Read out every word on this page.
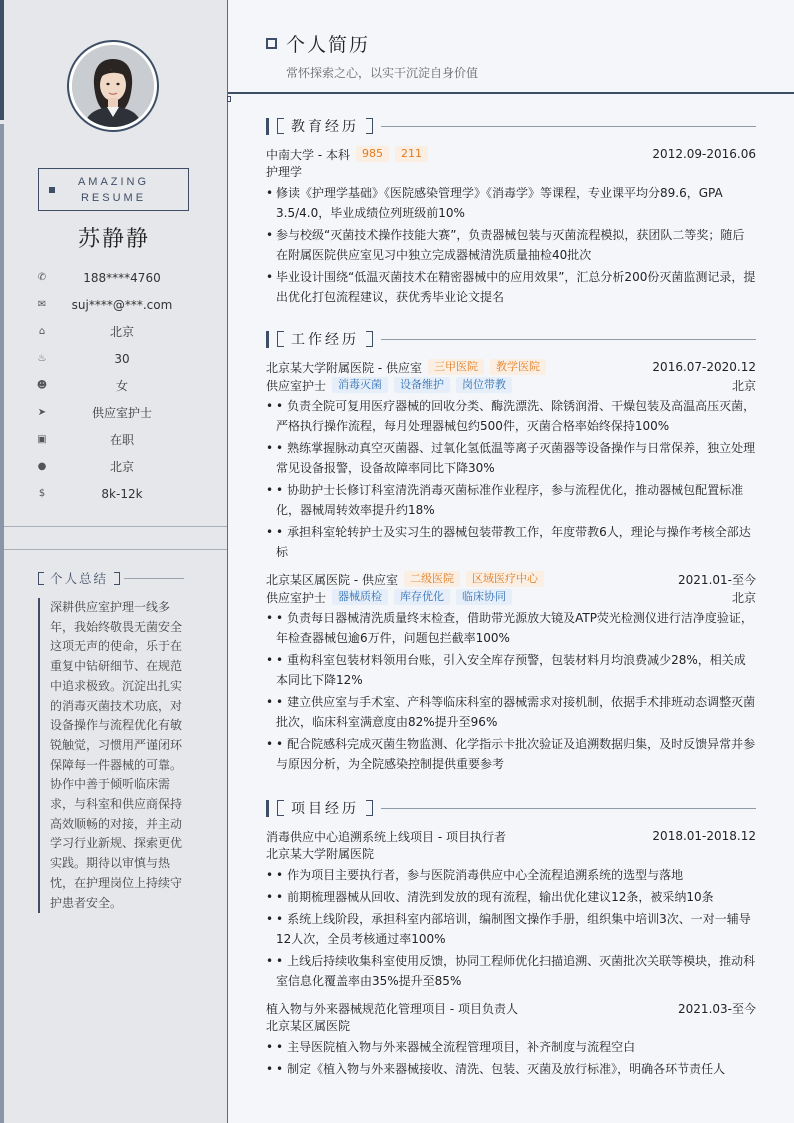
AMAZING
RESUME
苏静静
✆	188****4760
✉	suj****@***.com
⌂	北京
♨	30
☻	女
➤	供应室护士
▣	在职
●	北京
$	8k-12k
个人总结
深耕供应室护理一线多年，我始终敬畏无菌安全这项无声的使命，乐于在重复中钻研细节、在规范中追求极致。沉淀出扎实的消毒灭菌技术功底，对设备操作与流程优化有敏锐触觉，习惯用严谨闭环保障每一件器械的可靠。协作中善于倾听临床需求，与科室和供应商保持高效顺畅的对接，并主动学习行业新规、探索更优实践。期待以审慎与热忱，在护理岗位上持续守护患者安全。
个人简历
常怀探索之心，以实干沉淀自身价值
教育经历
中南大学 - 本科	985	211	2012.09-2016.06
护理学
• 修读《护理学基础》《医院感染管理学》《消毒学》等课程，专业课平均分89.6，GPA 3.5/4.0，毕业成绩位列班级前10%
• 参与校级“灭菌技术操作技能大赛”，负责器械包装与灭菌流程模拟，获团队二等奖；随后在附属医院供应室见习中独立完成器械清洗质量抽检40批次
• 毕业设计围绕“低温灭菌技术在精密器械中的应用效果”，汇总分析200份灭菌监测记录，提出优化打包流程建议，获优秀毕业论文提名
工作经历
北京某大学附属医院 - 供应室	三甲医院	教学医院	2016.07-2020.12
供应室护士	消毒灭菌	设备维护	岗位带教	北京
• • 负责全院可复用医疗器械的回收分类、酶洗漂洗、除锈润滑、干燥包装及高温高压灭菌，严格执行操作流程，每月处理器械包约500件，灭菌合格率始终保持100%
• • 熟练掌握脉动真空灭菌器、过氧化氢低温等离子灭菌器等设备操作与日常保养，独立处理常见设备报警，设备故障率同比下降30%
• • 协助护士长修订科室清洗消毒灭菌标准作业程序，参与流程优化，推动器械包配置标准化，器械周转效率提升约18%
• • 承担科室轮转护士及实习生的器械包装带教工作，年度带教6人，理论与操作考核全部达标
北京某区属医院 - 供应室	二级医院	区域医疗中心	2021.01-至今
供应室护士	器械质检	库存优化	临床协同	北京
• • 负责每日器械清洗质量终末检查，借助带光源放大镜及ATP荧光检测仪进行洁净度验证，年检查器械包逾6万件，问题包拦截率100%
• • 重构科室包装材料领用台账，引入安全库存预警，包装材料月均浪费减少28%，相关成本同比下降12%
• • 建立供应室与手术室、产科等临床科室的器械需求对接机制，依据手术排班动态调整灭菌批次，临床科室满意度由82%提升至96%
• • 配合院感科完成灭菌生物监测、化学指示卡批次验证及追溯数据归集，及时反馈异常并参与原因分析，为全院感染控制提供重要参考
项目经历
消毒供应中心追溯系统上线项目 - 项目执行者	2018.01-2018.12
北京某大学附属医院
• • 作为项目主要执行者，参与医院消毒供应中心全流程追溯系统的选型与落地
• • 前期梳理器械从回收、清洗到发放的现有流程，输出优化建议12条，被采纳10条
• • 系统上线阶段，承担科室内部培训，编制图文操作手册，组织集中培训3次、一对一辅导12人次，全员考核通过率100%
• • 上线后持续收集科室使用反馈，协同工程师优化扫描追溯、灭菌批次关联等模块，推动科室信息化覆盖率由35%提升至85%
植入物与外来器械规范化管理项目 - 项目负责人	2021.03-至今
北京某区属医院
• • 主导医院植入物与外来器械全流程管理项目，补齐制度与流程空白
• • 制定《植入物与外来器械接收、清洗、包装、灭菌及放行标准》，明确各环节责任人
